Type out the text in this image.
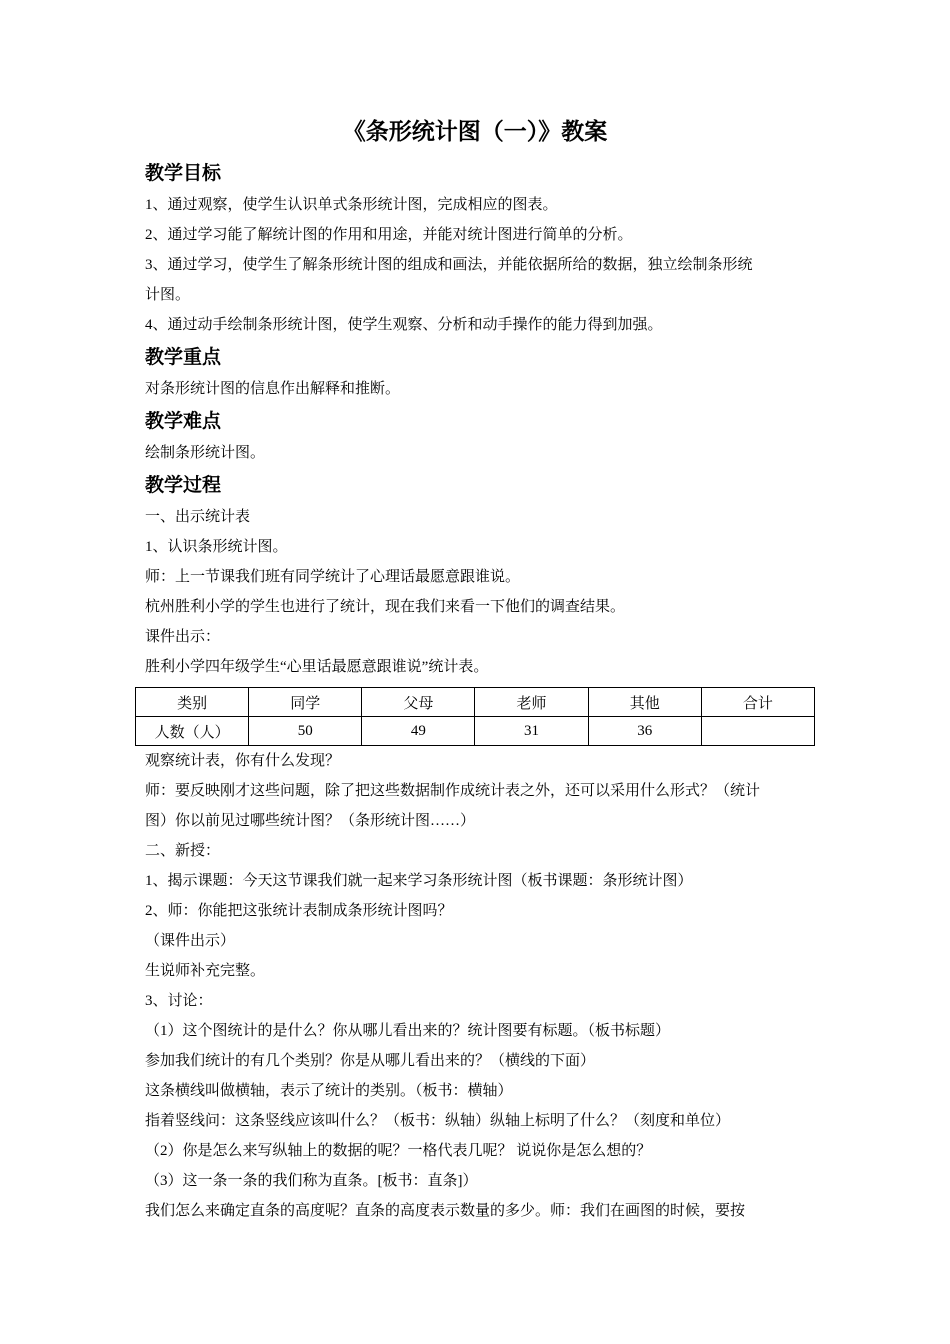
《条形统计图（一）》教案
教学目标

1、通过观察，使学生认识单式条形统计图，完成相应的图表。

2、通过学习能了解统计图的作用和用途，并能对统计图进行简单的分析。

3、通过学习，使学生了解条形统计图的组成和画法，并能依据所给的数据，独立绘制条形统

计图。

4、通过动手绘制条形统计图，使学生观察、分析和动手操作的能力得到加强。

教学重点

对条形统计图的信息作出解释和推断。

教学难点

绘制条形统计图。

教学过程

一、出示统计表

1、认识条形统计图。

师：上一节课我们班有同学统计了心理话最愿意跟谁说。

杭州胜利小学的学生也进行了统计，现在我们来看一下他们的调查结果。

课件出示：

胜利小学四年级学生“心里话最愿意跟谁说”统计表。

类别	同学	父母	老师	其他	合计
人数（人）	50	49	31	36	

观察统计表，你有什么发现？

师：要反映刚才这些问题，除了把这些数据制作成统计表之外，还可以采用什么形式？（统计

图）你以前见过哪些统计图？（条形统计图……）

二、新授：

1、揭示课题：今天这节课我们就一起来学习条形统计图（板书课题：条形统计图）

2、师：你能把这张统计表制成条形统计图吗？

（课件出示）

生说师补充完整。

3、讨论：

（1）这个图统计的是什么？你从哪儿看出来的？统计图要有标题。（板书标题）

参加我们统计的有几个类别？你是从哪儿看出来的？（横线的下面）

这条横线叫做横轴，表示了统计的类别。（板书：横轴）

指着竖线问：这条竖线应该叫什么？（板书：纵轴）纵轴上标明了什么？（刻度和单位）

（2）你是怎么来写纵轴上的数据的呢？一格代表几呢？ 说说你是怎么想的？

（3）这一条一条的我们称为直条。[板书：直条]）

我们怎么来确定直条的高度呢？直条的高度表示数量的多少。师：我们在画图的时候，要按
